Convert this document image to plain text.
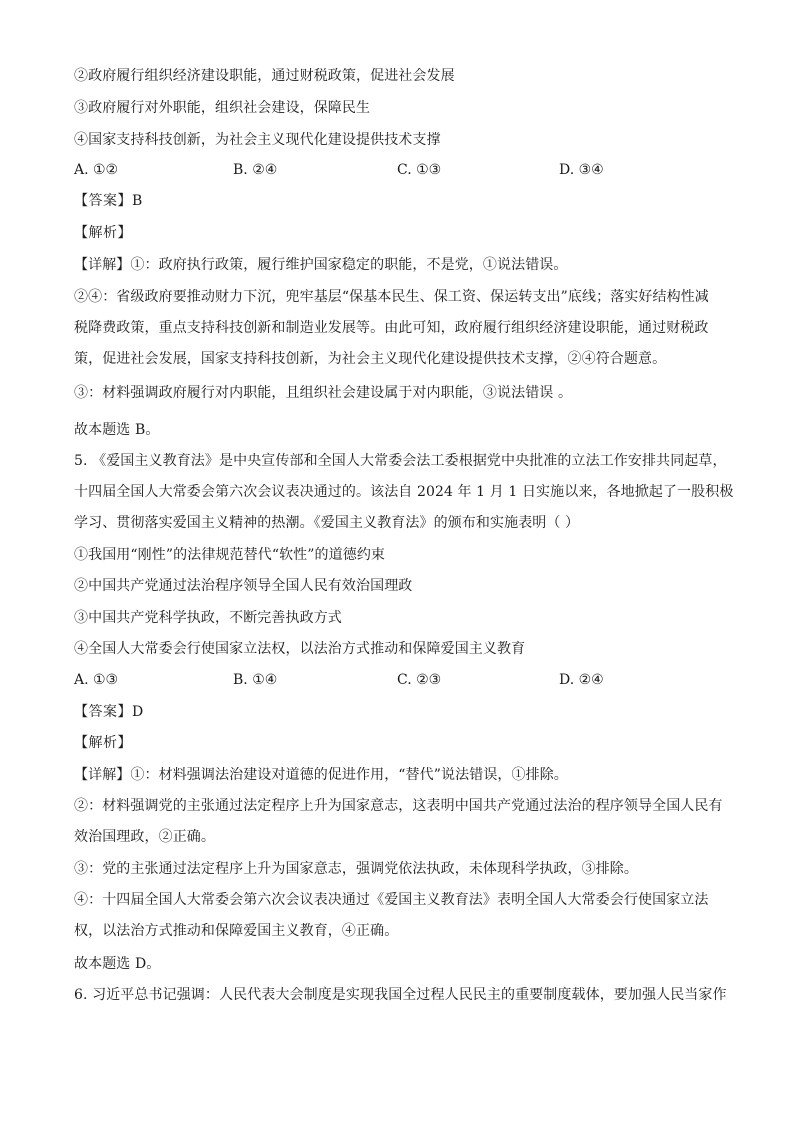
②政府履行组织经济建设职能，通过财税政策，促进社会发展
③政府履行对外职能，组织社会建设，保障民生
④国家支持科技创新，为社会主义现代化建设提供技术支撑
A. ①②	B. ②④	C. ①③	D. ③④
【答案】B
【解析】
【详解】①：政府执行政策，履行维护国家稳定的职能，不是党，①说法错误。
②④：省级政府要推动财力下沉，兜牢基层“保基本民生、保工资、保运转支出”底线；落实好结构性减
税降费政策，重点支持科技创新和制造业发展等。由此可知，政府履行组织经济建设职能，通过财税政
策，促进社会发展，国家支持科技创新，为社会主义现代化建设提供技术支撑，②④符合题意。
③：材料强调政府履行对内职能，且组织社会建设属于对内职能，③说法错误 。
故本题选 B。
5. 《爱国主义教育法》是中央宣传部和全国人大常委会法工委根据党中央批准的立法工作安排共同起草，
十四届全国人大常委会第六次会议表决通过的。该法自 2024 年 1 月 1 日实施以来，各地掀起了一股积极
学习、贯彻落实爱国主义精神的热潮。《爱国主义教育法》的颁布和实施表明（ ）
①我国用“刚性”的法律规范替代“软性”的道德约束
②中国共产党通过法治程序领导全国人民有效治国理政
③中国共产党科学执政，不断完善执政方式
④全国人大常委会行使国家立法权，以法治方式推动和保障爱国主义教育
A. ①③	B. ①④	C. ②③	D. ②④
【答案】D
【解析】
【详解】①：材料强调法治建设对道德的促进作用，“替代”说法错误，①排除。
②：材料强调党的主张通过法定程序上升为国家意志，这表明中国共产党通过法治的程序领导全国人民有
效治国理政，②正确。
③：党的主张通过法定程序上升为国家意志，强调党依法执政，未体现科学执政，③排除。
④：十四届全国人大常委会第六次会议表决通过《爱国主义教育法》表明全国人大常委会行使国家立法
权，以法治方式推动和保障爱国主义教育，④正确。
故本题选 D。
6. 习近平总书记强调：人民代表大会制度是实现我国全过程人民民主的重要制度载体，要加强人民当家作
